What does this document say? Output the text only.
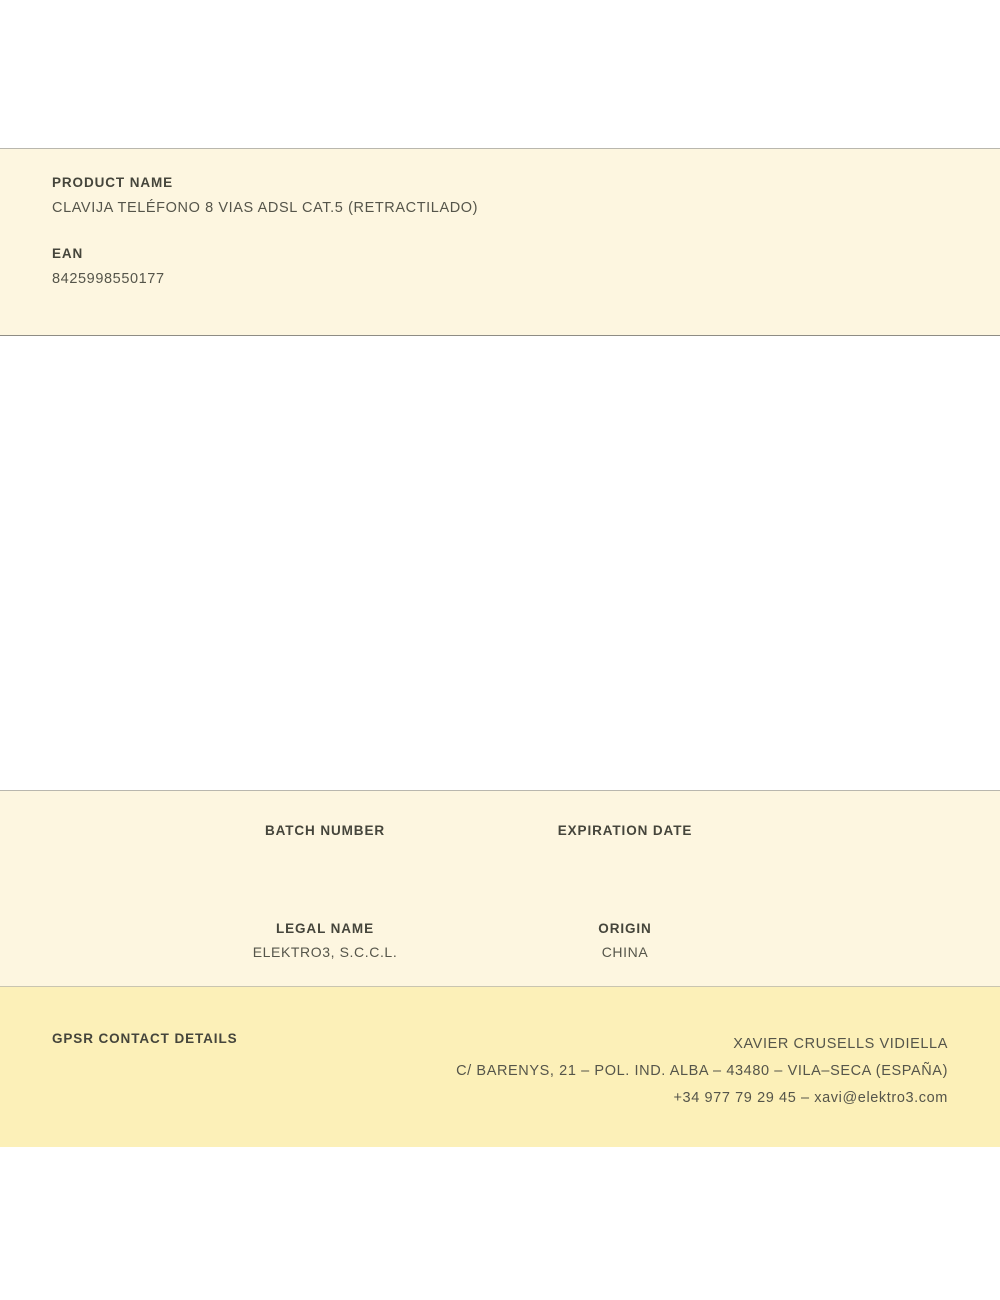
PRODUCT NAME

CLAVIJA TELÉFONO 8 VIAS ADSL CAT.5 (RETRACTILADO)

EAN

8425998550177

BATCH NUMBER	EXPIRATION DATE

LEGAL NAME

ELEKTRO3, S.C.C.L.

ORIGIN

CHINA

GPSR CONTACT DETAILS	XAVIER CRUSELLS VIDIELLA
C/ BARENYS, 21 – POL. IND. ALBA – 43480 – VILA–SECA (ESPAÑA)
+34 977 79 29 45 – xavi@elektro3.com
